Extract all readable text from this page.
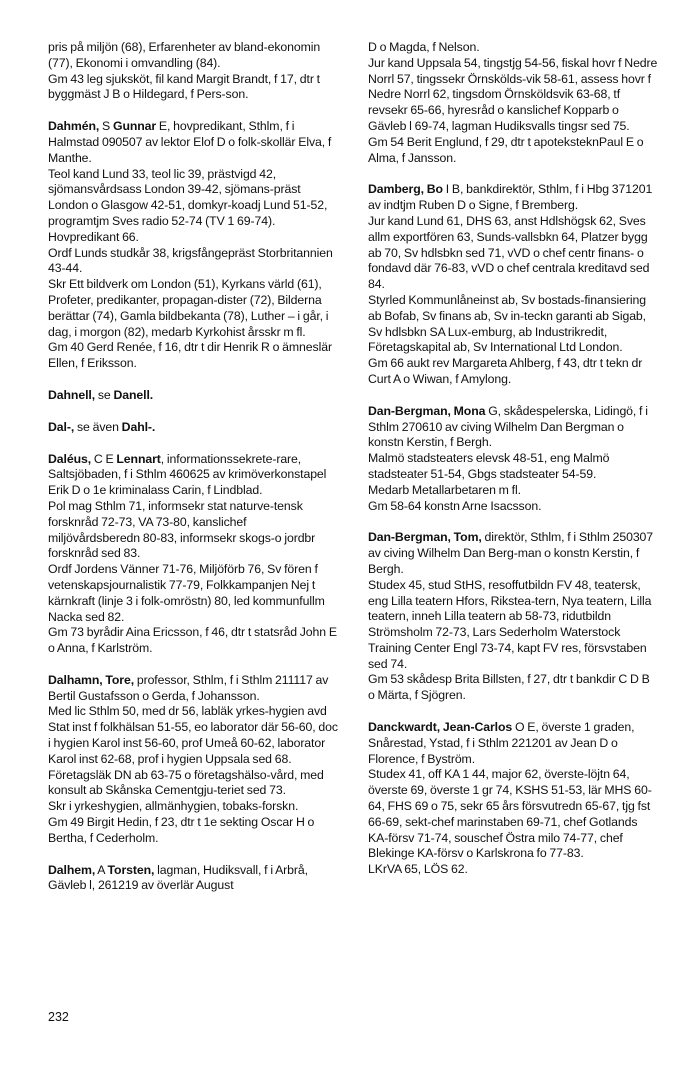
pris på miljön (68), Erfarenheter av bland-ekonomin (77), Ekonomi i omvandling (84).

Gm 43 leg sjuksköt, fil kand Margit Brandt, f 17, dtr t byggmäst J B o Hildegard, f Pers-son.

Dahmén, S Gunnar E, hovpredikant, Sthlm, f i Halmstad 090507 av lektor Elof D o folk-skollär Elva, f Manthe.

Teol kand Lund 33, teol lic 39, prästvigd 42, sjömansvårdsass London 39-42, sjömans-präst London o Glasgow 42-51, domkyr-koadj Lund 51-52, programtjm Sves radio 52-74 (TV 1 69-74). Hovpredikant 66.

Ordf Lunds studkår 38, krigsfångepräst Storbritannien 43-44.

Skr Ett bildverk om London (51), Kyrkans värld (61), Profeter, predikanter, propagan-dister (72), Bilderna berättar (74), Gamla bildbekanta (78), Luther – i går, i dag, i morgon (82), medarb Kyrkohist årsskr m fl.

Gm 40 Gerd Renée, f 16, dtr t dir Henrik R o ämneslär Ellen, f Eriksson.

Dahnell, se Danell.

Dal-, se även Dahl-.

Daléus, C E Lennart, informationssekrete-rare, Saltsjöbaden, f i Sthlm 460625 av krimöverkonstapel Erik D o 1e kriminalass Carin, f Lindblad.

Pol mag Sthlm 71, informsekr stat naturve-tensk forsknråd 72-73, VA 73-80, kanslichef miljövårdsberedn 80-83, informsekr skogs-o jordbr forsknråd sed 83.

Ordf Jordens Vänner 71-76, Miljöförb 76, Sv fören f vetenskapsjournalistik 77-79, Folkkampanjen Nej t kärnkraft (linje 3 i folk-omröstn) 80, led kommunfullm Nacka sed 82.

Gm 73 byrådir Aina Ericsson, f 46, dtr t statsråd John E o Anna, f Karlström.

Dalhamn, Tore, professor, Sthlm, f i Sthlm 211117 av Bertil Gustafsson o Gerda, f Johansson.

Med lic Sthlm 50, med dr 56, labläk yrkes-hygien avd Stat inst f folkhälsan 51-55, eo laborator där 56-60, doc i hygien Karol inst 56-60, prof Umeå 60-62, laborator Karol inst 62-68, prof i hygien Uppsala sed 68. Företagsläk DN ab 63-75 o företagshälso-vård, med konsult ab Skånska Cementgju-teriet sed 73.

Skr i yrkeshygien, allmänhygien, tobaks-forskn.

Gm 49 Birgit Hedin, f 23, dtr t 1e sekting Oscar H o Bertha, f Cederholm.

Dalhem, A Torsten, lagman, Hudiksvall, f i Arbrå, Gävleb l, 261219 av överlär August

D o Magda, f Nelson.

Jur kand Uppsala 54, tingstjg 54-56, fiskal hovr f Nedre Norrl 57, tingssekr Örnskölds-vik 58-61, assess hovr f Nedre Norrl 62, tingsdom Örnsköldsvik 63-68, tf revsekr 65-66, hyresråd o kanslichef Kopparb o Gävleb l 69-74, lagman Hudiksvalls tingsr sed 75.

Gm 54 Berit Englund, f 29, dtr t apoteksteknPaul E o Alma, f Jansson.

Damberg, Bo I B, bankdirektör, Sthlm, f i Hbg 371201 av indtjm Ruben D o Signe, f Bremberg.

Jur kand Lund 61, DHS 63, anst Hdlshögsk 62, Sves allm exportfören 63, Sunds-vallsbkn 64, Platzer bygg ab 70, Sv hdlsbkn sed 71, vVD o chef centr finans- o fondavd där 76-83, vVD o chef centrala kreditavd sed 84.

Styrled Kommunlåneinst ab, Sv bostads-finansiering ab Bofab, Sv finans ab, Sv in-teckn garanti ab Sigab, Sv hdlsbkn SA Lux-emburg, ab Industrikredit, Företagskapital ab, Sv International Ltd London.

Gm 66 aukt rev Margareta Ahlberg, f 43, dtr t tekn dr Curt A o Wiwan, f Amylong.

Dan-Bergman, Mona G, skådespelerska, Lidingö, f i Sthlm 270610 av civing Wilhelm Dan Bergman o konstn Kerstin, f Bergh.

Malmö stadsteaters elevsk 48-51, eng Malmö stadsteater 51-54, Gbgs stadsteater 54-59.

Medarb Metallarbetaren m fl.

Gm 58-64 konstn Arne Isacsson.

Dan-Bergman, Tom, direktör, Sthlm, f i Sthlm 250307 av civing Wilhelm Dan Berg-man o konstn Kerstin, f Bergh.

Studex 45, stud StHS, resoffutbildn FV 48, teatersk, eng Lilla teatern Hfors, Rikstea-tern, Nya teatern, Lilla teatern, inneh Lilla teatern ab 58-73, ridutbildn Strömsholm 72-73, Lars Sederholm Waterstock Training Center Engl 73-74, kapt FV res, försvstaben sed 74.

Gm 53 skådesp Brita Billsten, f 27, dtr t bankdir C D B o Märta, f Sjögren.

Danckwardt, Jean-Carlos O E, överste 1 graden, Snårestad, Ystad, f i Sthlm 221201 av Jean D o Florence, f Byström.

Studex 41, off KA 1 44, major 62, överste-löjtn 64, överste 69, överste 1 gr 74, KSHS 51-53, lär MHS 60-64, FHS 69 o 75, sekr 65 års försvutredn 65-67, tjg fst 66-69, sekt-chef marinstaben 69-71, chef Gotlands KA-försv 71-74, souschef Östra milo 74-77, chef Blekinge KA-försv o Karlskrona fo 77-83.

LKrVA 65, LÖS 62.

232
